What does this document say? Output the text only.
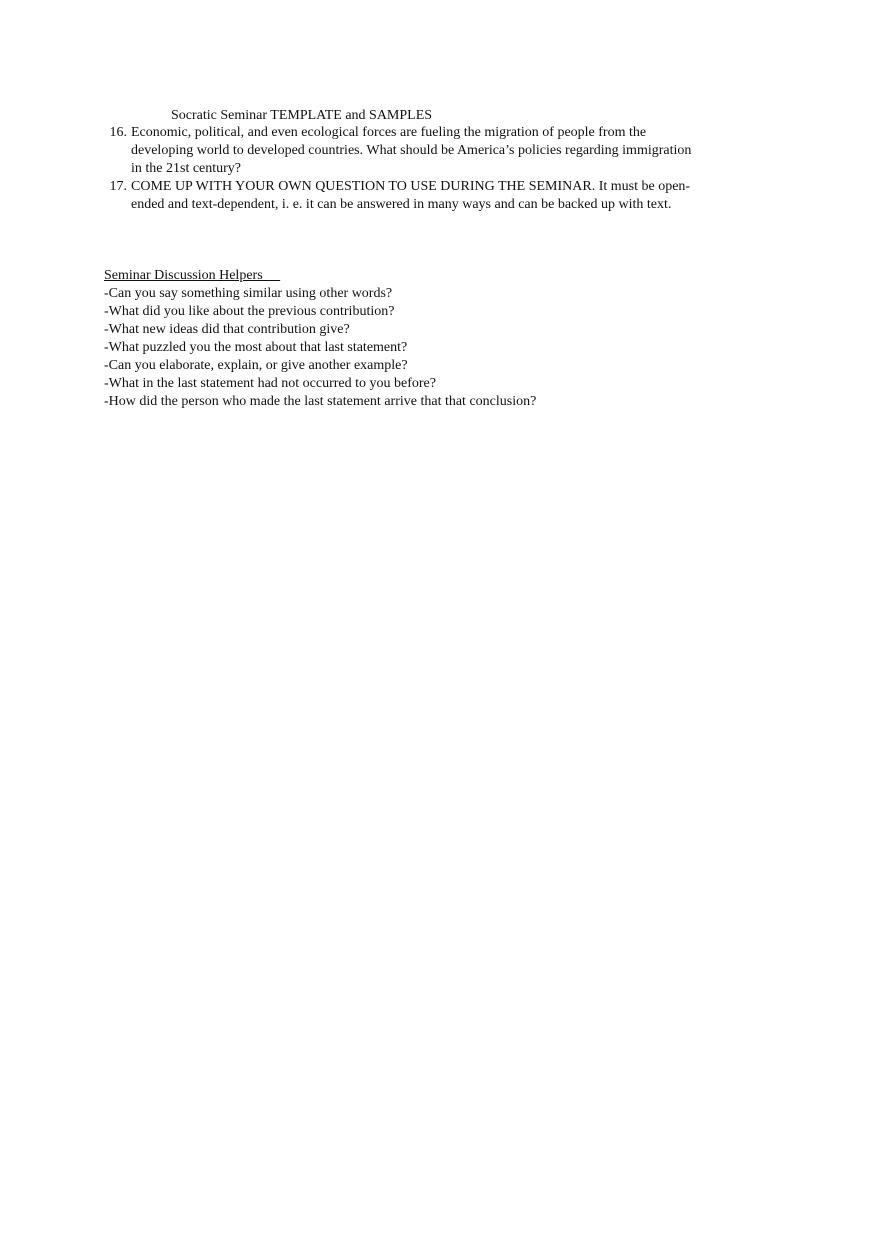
Socratic Seminar TEMPLATE and SAMPLES
16. Economic, political, and even ecological forces are fueling the migration of people from the
developing world to developed countries. What should be America’s policies regarding immigration
in the 21st century?
17. COME UP WITH YOUR OWN QUESTION TO USE DURING THE SEMINAR. It must be open-
ended and text-dependent, i. e. it can be answered in many ways and can be backed up with text.
Seminar Discussion Helpers
-Can you say something similar using other words?
-What did you like about the previous contribution?
-What new ideas did that contribution give?
-What puzzled you the most about that last statement?
-Can you elaborate, explain, or give another example?
-What in the last statement had not occurred to you before?
-How did the person who made the last statement arrive that that conclusion?
